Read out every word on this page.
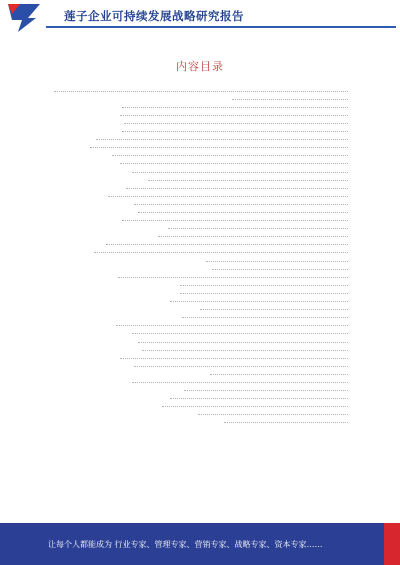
莲子企业可持续发展战略研究报告
内容目录
让每个人都能成为 行业专家、管理专家、营销专家、战略专家、资本专家……
